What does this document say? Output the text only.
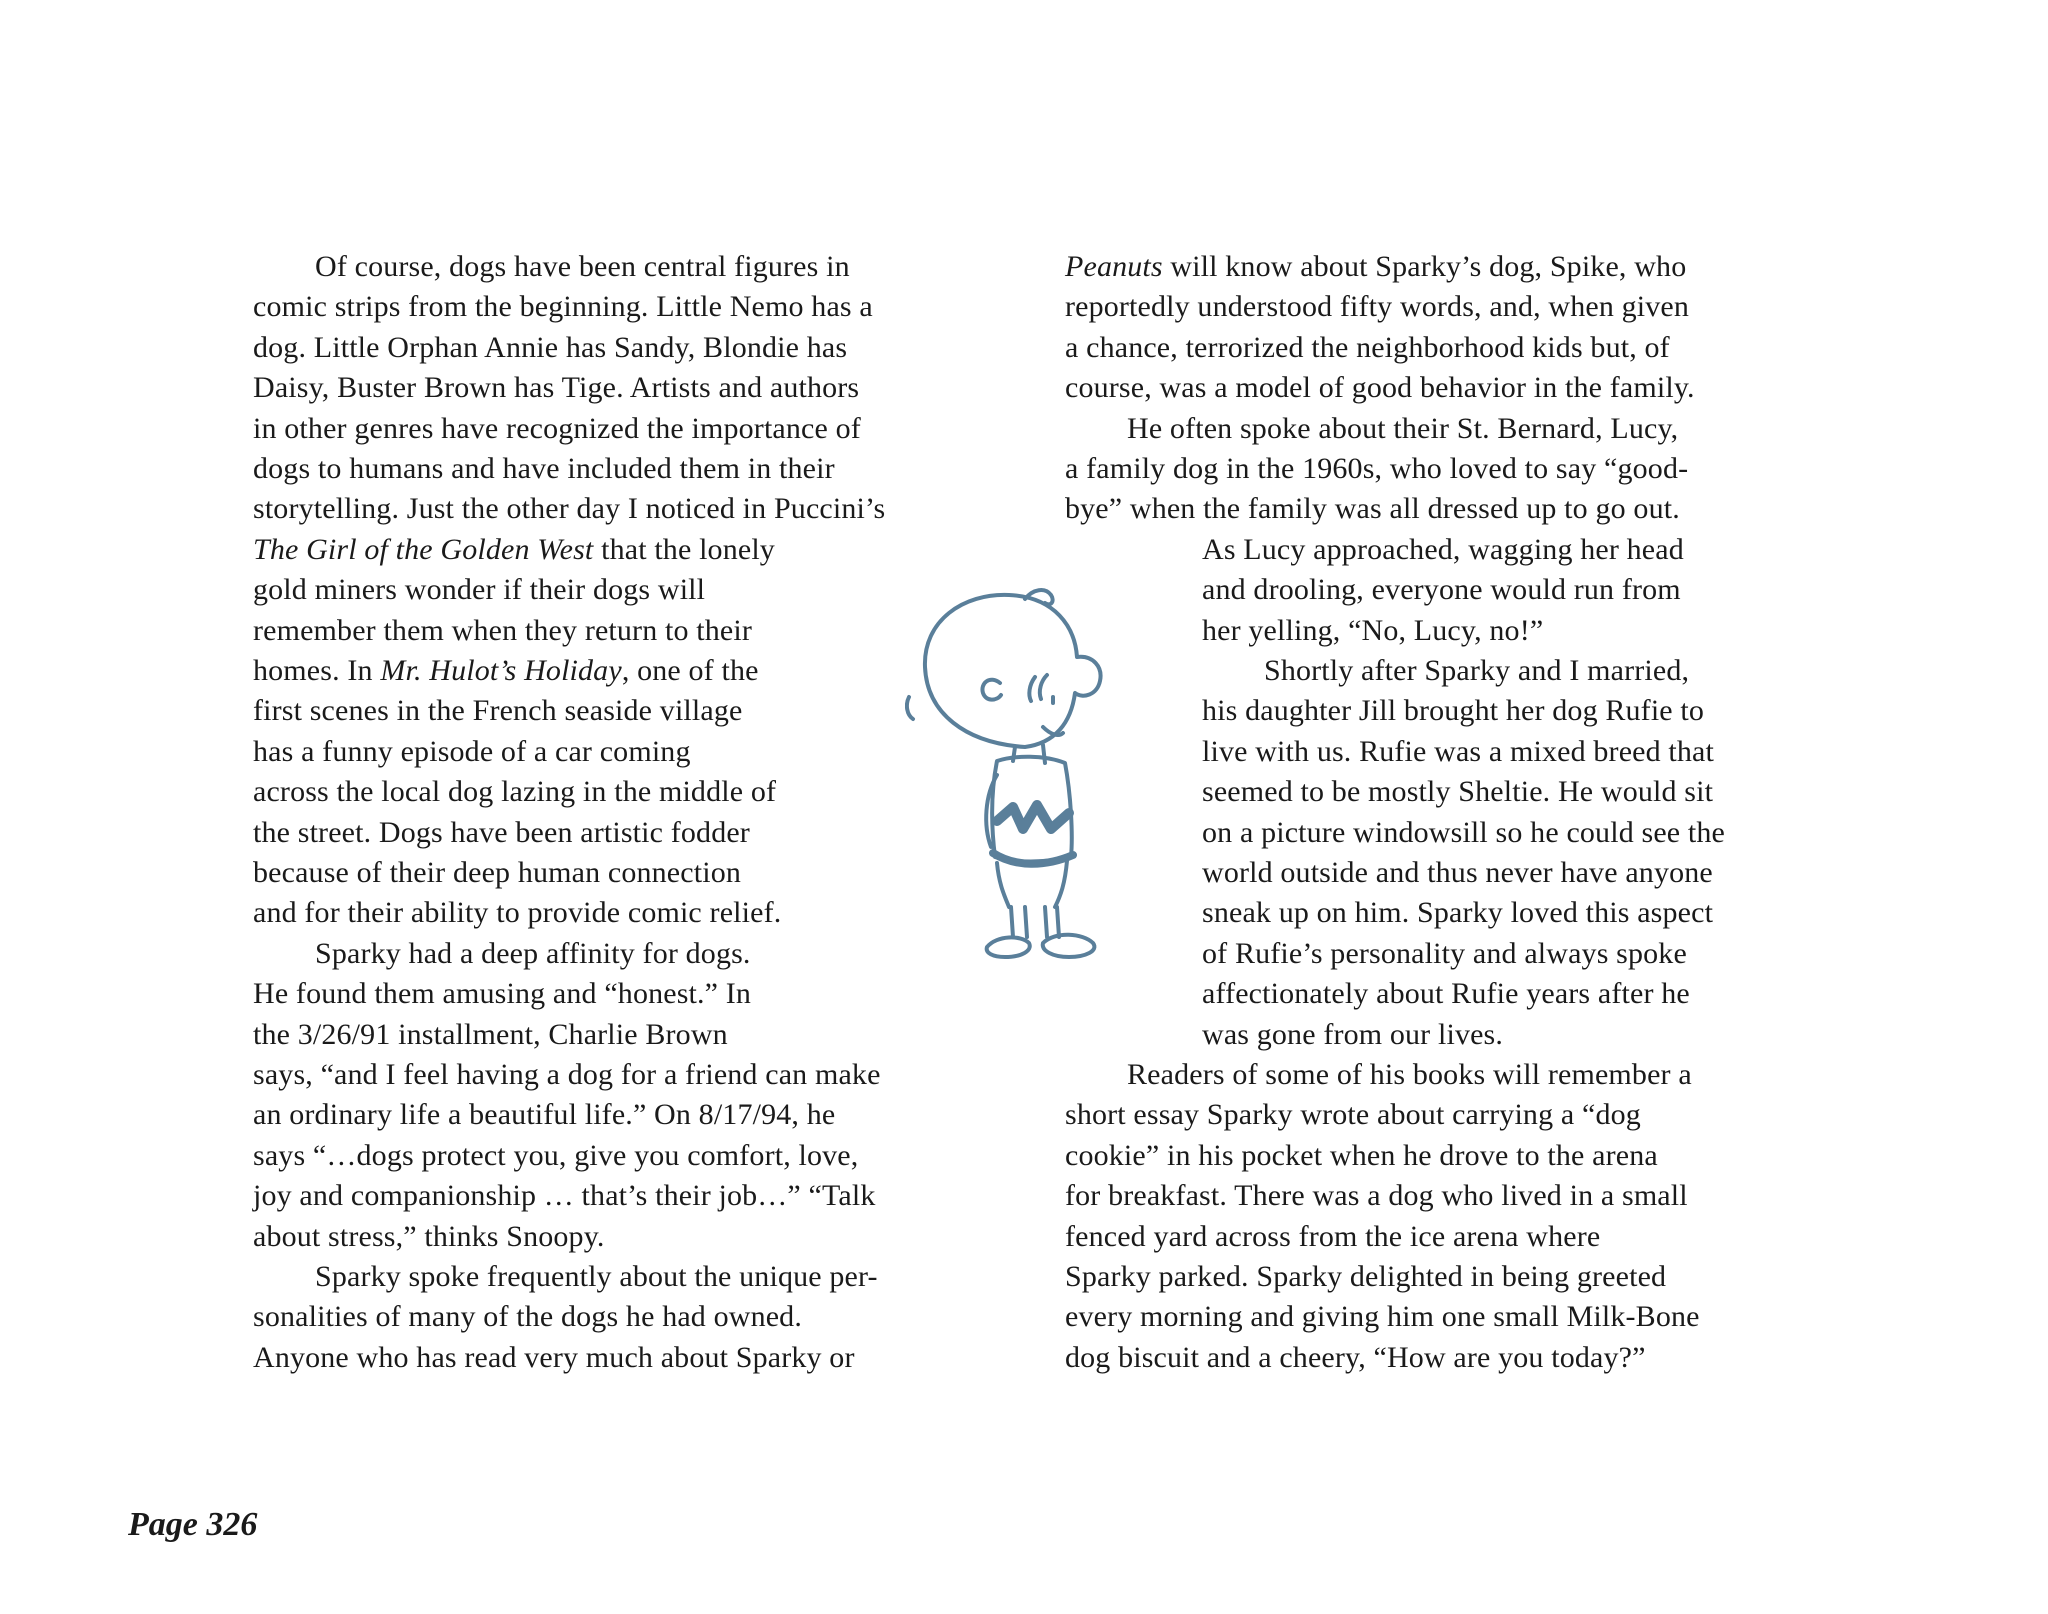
Of course, dogs have been central figures in
comic strips from the beginning. Little Nemo has a
dog. Little Orphan Annie has Sandy, Blondie has
Daisy, Buster Brown has Tige. Artists and authors
in other genres have recognized the importance of
dogs to humans and have included them in their
storytelling. Just the other day I noticed in Puccini’s
The Girl of the Golden West that the lonely
gold miners wonder if their dogs will
remember them when they return to their
homes. In Mr. Hulot’s Holiday, one of the
first scenes in the French seaside village
has a funny episode of a car coming
across the local dog lazing in the middle of
the street. Dogs have been artistic fodder
because of their deep human connection
and for their ability to provide comic relief.
Sparky had a deep affinity for dogs.
He found them amusing and “honest.” In
the 3/26/91 installment, Charlie Brown
says, “and I feel having a dog for a friend can make
an ordinary life a beautiful life.” On 8/17/94, he
says “…dogs protect you, give you comfort, love,
joy and companionship … that’s their job…” “Talk
about stress,” thinks Snoopy.
Sparky spoke frequently about the unique per-
sonalities of many of the dogs he had owned.
Anyone who has read very much about Sparky or
Peanuts will know about Sparky’s dog, Spike, who
reportedly understood fifty words, and, when given
a chance, terrorized the neighborhood kids but, of
course, was a model of good behavior in the family.
He often spoke about their St. Bernard, Lucy,
a family dog in the 1960s, who loved to say “good-
bye” when the family was all dressed up to go out.
As Lucy approached, wagging her head
and drooling, everyone would run from
her yelling, “No, Lucy, no!”
Shortly after Sparky and I married,
his daughter Jill brought her dog Rufie to
live with us. Rufie was a mixed breed that
seemed to be mostly Sheltie. He would sit
on a picture windowsill so he could see the
world outside and thus never have anyone
sneak up on him. Sparky loved this aspect
of Rufie’s personality and always spoke
affectionately about Rufie years after he
was gone from our lives.
Readers of some of his books will remember a
short essay Sparky wrote about carrying a “dog
cookie” in his pocket when he drove to the arena
for breakfast. There was a dog who lived in a small
fenced yard across from the ice arena where
Sparky parked. Sparky delighted in being greeted
every morning and giving him one small Milk-Bone
dog biscuit and a cheery, “How are you today?”
Page 326
